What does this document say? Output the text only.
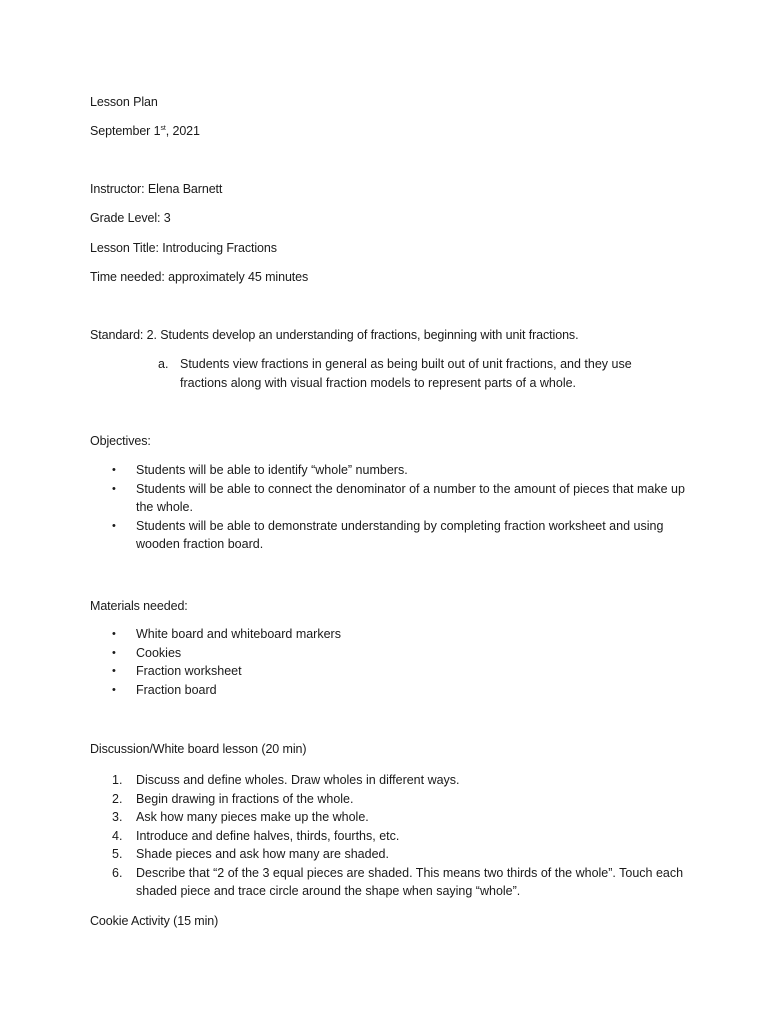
Lesson Plan
September 1st, 2021
Instructor: Elena Barnett
Grade Level: 3
Lesson Title: Introducing Fractions
Time needed: approximately 45 minutes
Standard: 2. Students develop an understanding of fractions, beginning with unit fractions.
a. Students view fractions in general as being built out of unit fractions, and they use fractions along with visual fraction models to represent parts of a whole.
Objectives:
• Students will be able to identify “whole” numbers.
• Students will be able to connect the denominator of a number to the amount of pieces that make up the whole.
• Students will be able to demonstrate understanding by completing fraction worksheet and using wooden fraction board.
Materials needed:
• White board and whiteboard markers
• Cookies
• Fraction worksheet
• Fraction board
Discussion/White board lesson (20 min)
1. Discuss and define wholes. Draw wholes in different ways.
2. Begin drawing in fractions of the whole.
3. Ask how many pieces make up the whole.
4. Introduce and define halves, thirds, fourths, etc.
5. Shade pieces and ask how many are shaded.
6. Describe that “2 of the 3 equal pieces are shaded. This means two thirds of the whole”. Touch each shaded piece and trace circle around the shape when saying “whole”.
Cookie Activity (15 min)
